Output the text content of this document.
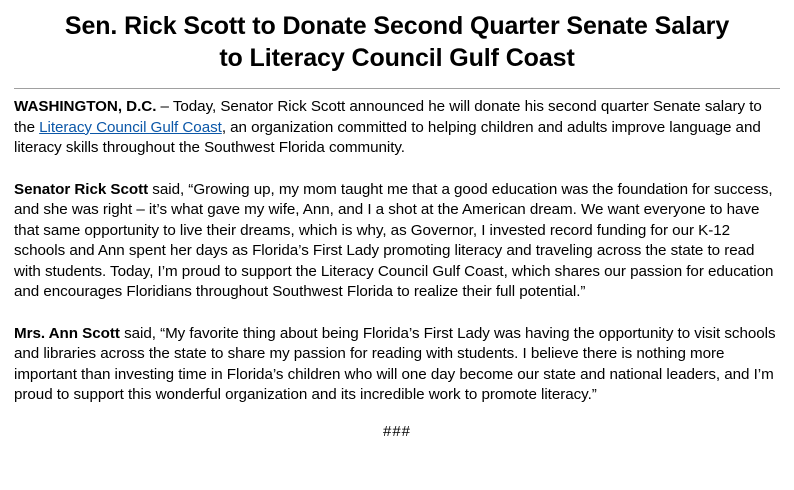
Sen. Rick Scott to Donate Second Quarter Senate Salary
to Literacy Council Gulf Coast

WASHINGTON, D.C. – Today, Senator Rick Scott announced he will donate his second quarter Senate salary to the Literacy Council Gulf Coast, an organization committed to helping children and adults improve language and literacy skills throughout the Southwest Florida community.

Senator Rick Scott said, “Growing up, my mom taught me that a good education was the foundation for success, and she was right – it’s what gave my wife, Ann, and I a shot at the American dream. We want everyone to have that same opportunity to live their dreams, which is why, as Governor, I invested record funding for our K-12 schools and Ann spent her days as Florida’s First Lady promoting literacy and traveling across the state to read with students. Today, I’m proud to support the Literacy Council Gulf Coast, which shares our passion for education and encourages Floridians throughout Southwest Florida to realize their full potential.”

Mrs. Ann Scott said, “My favorite thing about being Florida’s First Lady was having the opportunity to visit schools and libraries across the state to share my passion for reading with students. I believe there is nothing more important than investing time in Florida’s children who will one day become our state and national leaders, and I’m proud to support this wonderful organization and its incredible work to promote literacy.”

###
